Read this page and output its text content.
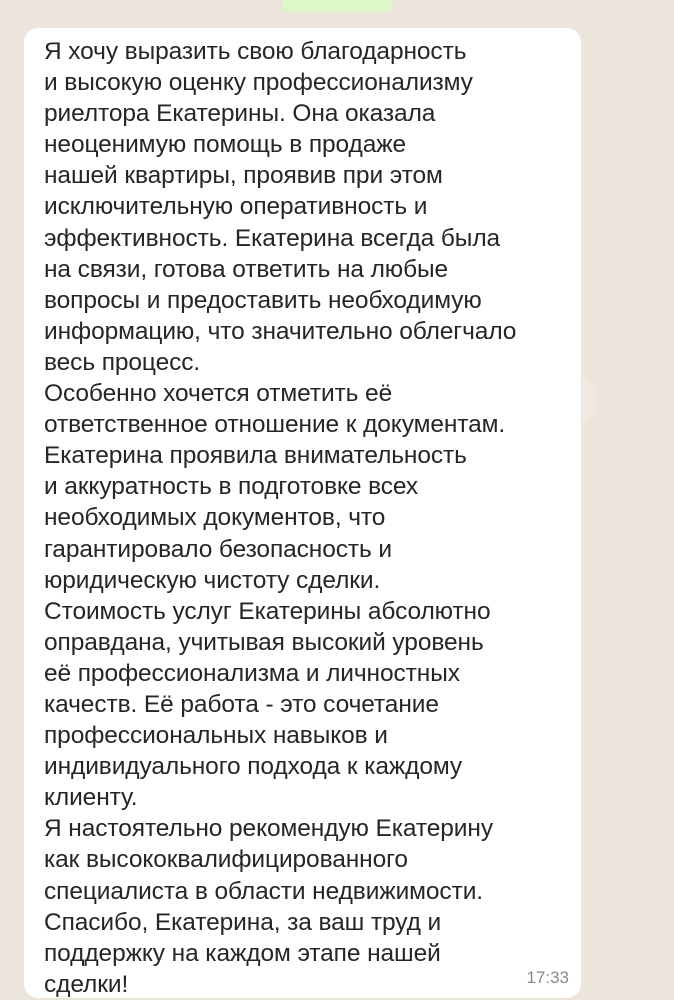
Я хочу выразить свою благодарность
и высокую оценку профессионализму
риелтора Екатерины. Она оказала
неоценимую помощь в продаже
нашей квартиры, проявив при этом
исключительную оперативность и
эффективность. Екатерина всегда была
на связи, готова ответить на любые
вопросы и предоставить необходимую
информацию, что значительно облегчало
весь процесс.
Особенно хочется отметить её
ответственное отношение к документам.
Екатерина проявила внимательность
и аккуратность в подготовке всех
необходимых документов, что
гарантировало безопасность и
юридическую чистоту сделки.
Стоимость услуг Екатерины абсолютно
оправдана, учитывая высокий уровень
её профессионализма и личностных
качеств. Её работа - это сочетание
профессиональных навыков и
индивидуального подхода к каждому
клиенту.
Я настоятельно рекомендую Екатерину
как высококвалифицированного
специалиста в области недвижимости.
Спасибо, Екатерина, за ваш труд и
поддержку на каждом этапе нашей
сделки!	17:33
